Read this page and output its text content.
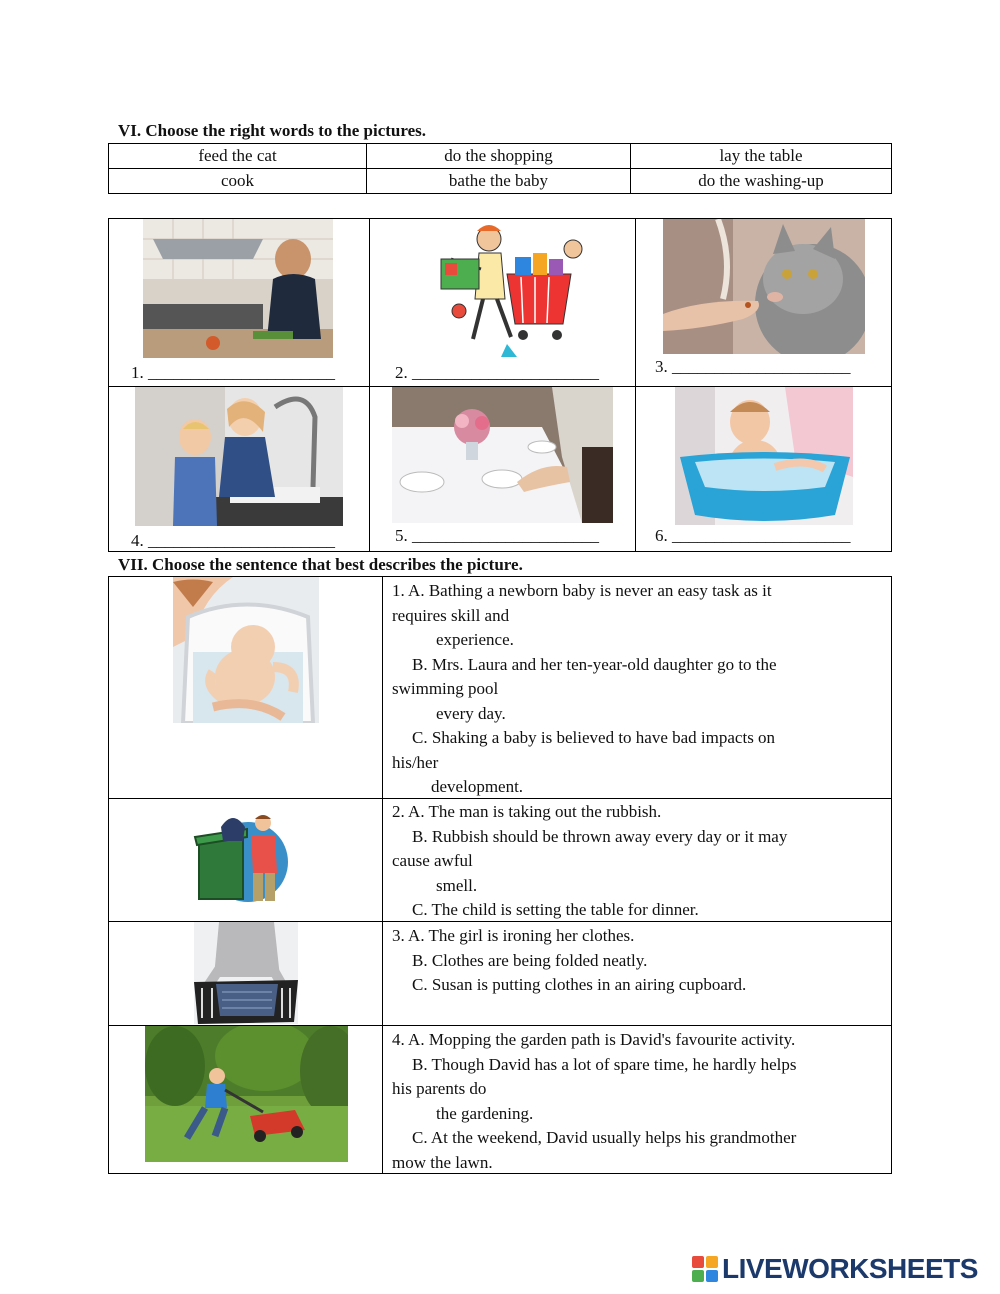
VI. Choose the right words to the pictures.
feed the cat	do the shopping	lay the table
cook	bathe the baby	do the washing-up
1. ______________________	2. ______________________	3. _____________________
4. ______________________	5. ______________________	6. _____________________
VII. Choose the sentence that best describes the picture.
1. A. Bathing a newborn baby is never an easy task as it
requires skill and
experience.
B. Mrs. Laura and her ten-year-old daughter go to the
swimming pool
every day.
C. Shaking a baby is believed to have bad impacts on
his/her
development.
2. A. The man is taking out the rubbish.
B. Rubbish should be thrown away every day or it may
cause awful
smell.
C. The child is setting the table for dinner.
3. A. The girl is ironing her clothes.
B. Clothes are being folded neatly.
C. Susan is putting clothes in an airing cupboard.
4. A. Mopping the garden path is David's favourite activity.
B. Though David has a lot of spare time, he hardly helps
his parents do
the gardening.
C. At the weekend, David usually helps his grandmother
mow the lawn.
LIVEWORKSHEETS
